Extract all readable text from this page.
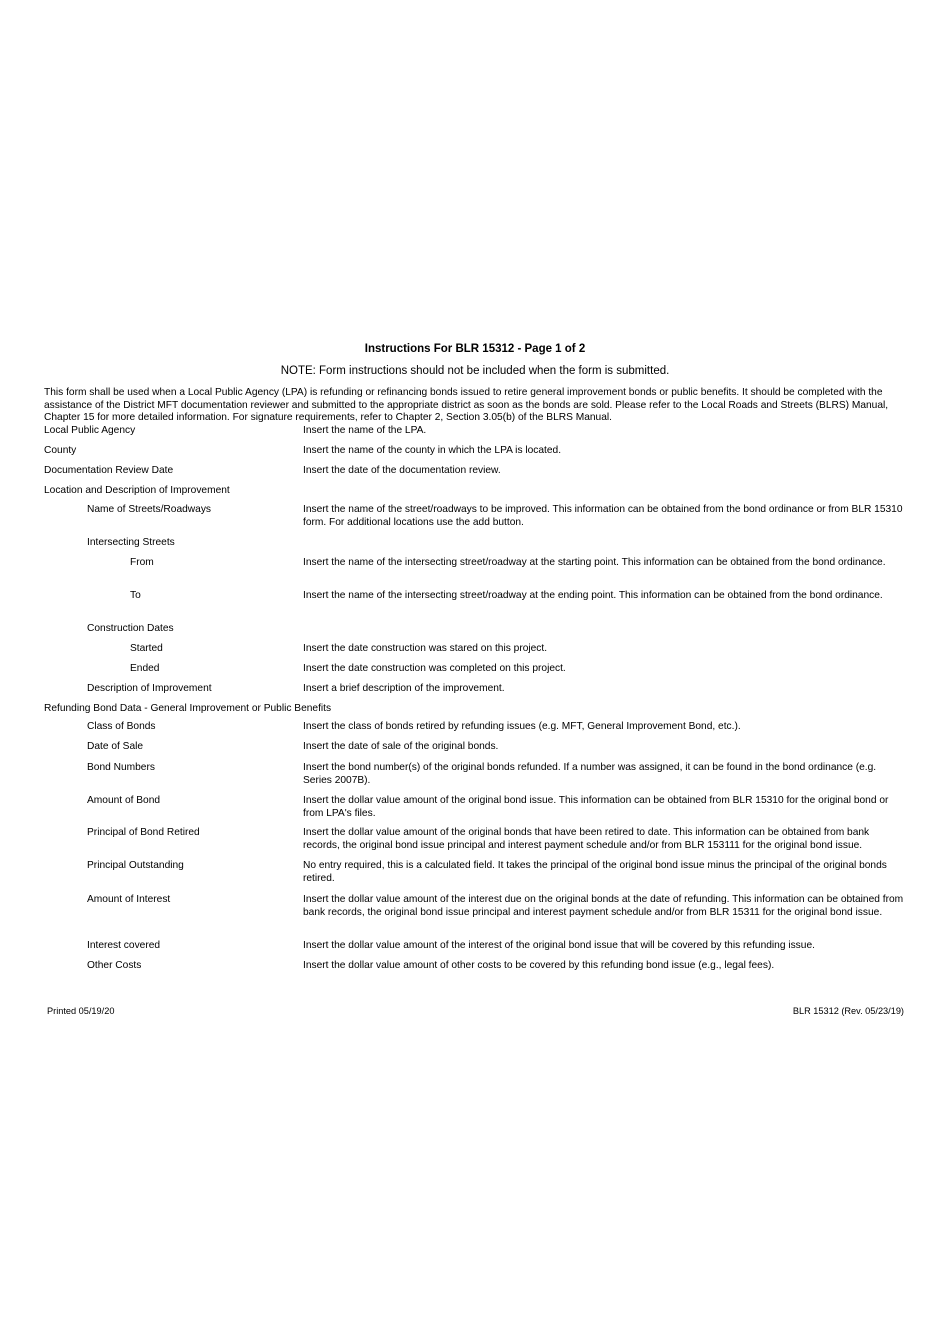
Instructions For BLR 15312 - Page 1 of 2
NOTE: Form instructions should not be included when the form is submitted.
This form shall be used when a Local Public Agency (LPA) is refunding or refinancing bonds issued to retire general improvement bonds or public benefits. It should be completed with the assistance of the District MFT documentation reviewer and submitted to the appropriate district as soon as the bonds are sold. Please refer to the Local Roads and Streets (BLRS) Manual, Chapter 15 for more detailed information. For signature requirements, refer to Chapter 2, Section 3.05(b) of the BLRS Manual.
Local Public Agency	Insert the name of the LPA.
County	Insert the name of the county in which the LPA is located.
Documentation Review Date	Insert the date of the documentation review.
Location and Description of Improvement
Name of Streets/Roadways	Insert the name of the street/roadways to be improved. This information can be obtained from the bond ordinance or from BLR 15310 form. For additional locations use the add button.
Intersecting Streets
From	Insert the name of the intersecting street/roadway at the starting point. This information can be obtained from the bond ordinance.
To	Insert the name of the intersecting street/roadway at the ending point. This information can be obtained from the bond ordinance.
Construction Dates
Started	Insert the date construction was stared on this project.
Ended	Insert the date construction was completed on this project.
Description of Improvement	Insert a brief description of the improvement.
Refunding Bond Data - General Improvement or Public Benefits
Class of Bonds	Insert the class of bonds retired by refunding issues (e.g. MFT, General Improvement Bond, etc.).
Date of Sale	Insert the date of sale of the original bonds.
Bond Numbers	Insert the bond number(s) of the original bonds refunded. If a number was assigned, it can be found in the bond ordinance (e.g. Series 2007B).
Amount of Bond	Insert the dollar value amount of the original bond issue. This information can be obtained from BLR 15310 for the original bond or from LPA's files.
Principal of Bond Retired	Insert the dollar value amount of the original bonds that have been retired to date. This information can be obtained from bank records, the original bond issue principal and interest payment schedule and/or from BLR 153111 for the original bond issue.
Principal Outstanding	No entry required, this is a calculated field. It takes the principal of the original bond issue minus the principal of the original bonds retired.
Amount of Interest	Insert the dollar value amount of the interest due on the original bonds at the date of refunding. This information can be obtained from bank records, the original bond issue principal and interest payment schedule and/or from BLR 15311 for the original bond issue.
Interest covered	Insert the dollar value amount of the interest of the original bond issue that will be covered by this refunding issue.
Other Costs	Insert the dollar value amount of other costs to be covered by this refunding bond issue (e.g., legal fees).
Printed 05/19/20	BLR 15312 (Rev. 05/23/19)
